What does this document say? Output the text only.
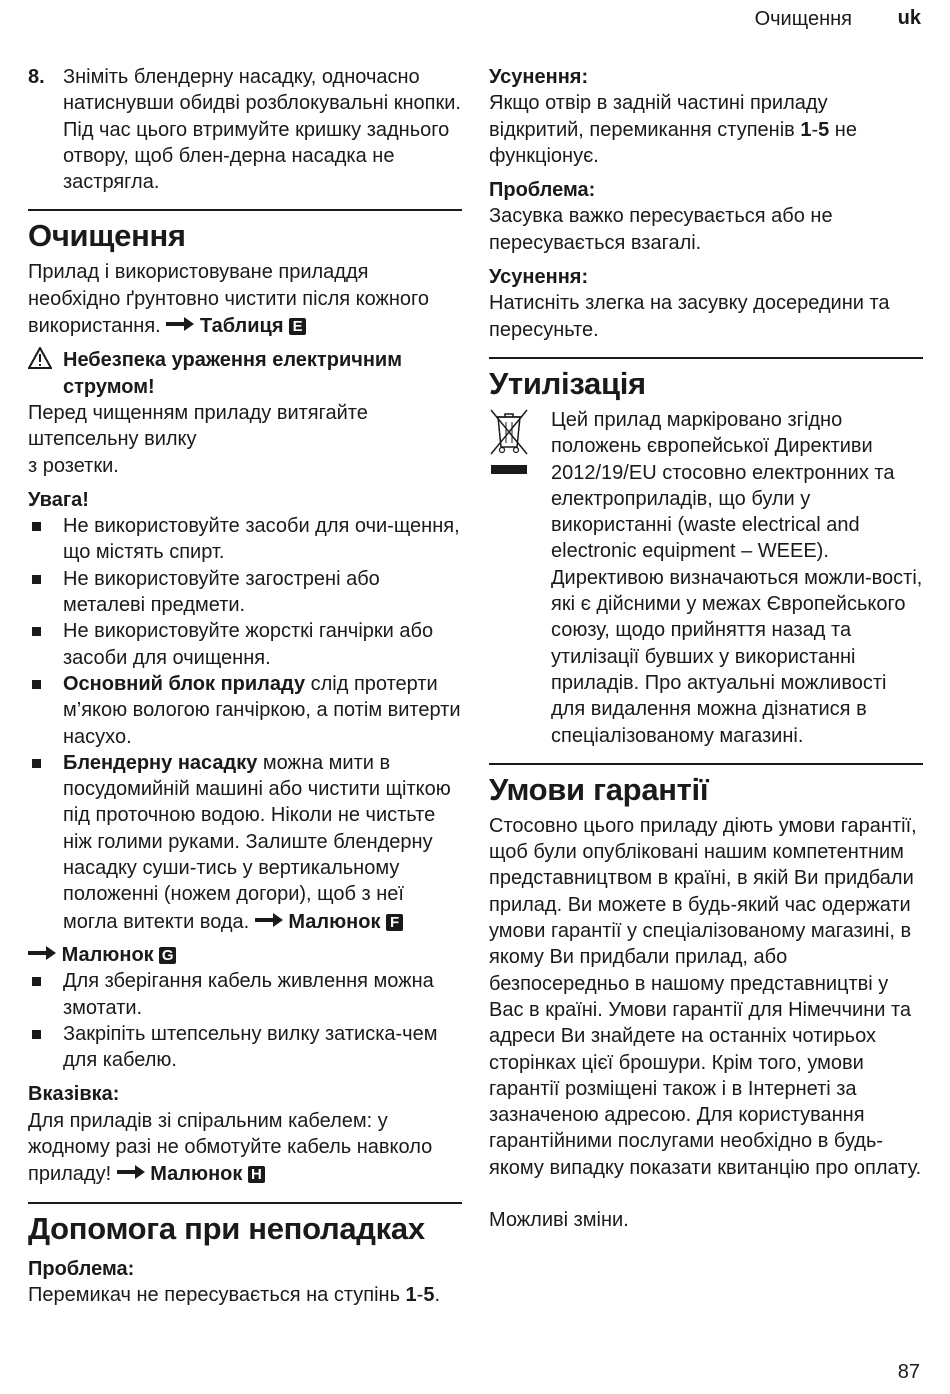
Очищення uk
8. Зніміть блендерну насадку, одночасно натиснувши обидві розблокувальні кнопки. Під час цього втримуйте кришку заднього отвору, щоб блен-дерна насадка не застрягла.

Очищення

Прилад і використовуване приладдя необхідно ґрунтовно чистити після кожного використання. Таблиця E

Небезпека ураження електричним струмом!

Перед чищенням приладу витягайте штепсельну вилку

з розетки.

Увага!

Не використовуйте засоби для очи-щення, що містять спирт.
Не використовуйте загострені або металеві предмети.
Не використовуйте жорсткі ганчірки або засоби для очищення.
Основний блок приладу слід протерти м’якою вологою ганчіркою, а потім витерти насухо.
Блендерну насадку можна мити в посудомийній машині або чистити щіткою під проточною водою. Ніколи не чистьте ніж голими руками. Залиште блендерну насадку суши-тись у вертикальному положенні (ножем догори), щоб з неї могла витекти вода. Малюнок F

Малюнок G

Для зберігання кабель живлення можна змотати.
Закріпіть штепсельну вилку затиска-чем для кабелю.

Вказівка:

Для приладів зі спіральним кабелем: у жодному разі не обмотуйте кабель навколо приладу! Малюнок H

Допомога при неполадках

Проблема:

Перемикач не пересувається на ступінь 1-5.

Усунення:

Якщо отвір в задній частині приладу відкритий, перемикання ступенів 1-5 не функціонує.

Проблема:

Засувка важко пересувається або не пересувається взагалі.

Усунення:

Натисніть злегка на засувку досередини та пересуньте.

Утилізація

Цей прилад маркіровано згідно положень європейської Директиви 2012/19/EU стосовно електронних та електроприладів, що були у використанні (waste electrical and electronic equipment – WEEE). Директивою визначаються можли-вості, які є дійсними у межах Європейського союзу, щодо прийняття назад та утилізації бувших у використанні приладів. Про актуальні можливості для видалення можна дізнатися в спеціалізованому магазині.

Умови гарантії

Стосовно цього приладу діють умови гарантії, щоб були опубліковані нашим компетентним представництвом в країні, в якій Ви придбали прилад. Ви можете в будь-який час одержати умови гарантії у спеціалізованому магазині, в якому Ви придбали прилад, або безпосередньо в нашому представництві у Вас в країні. Умови гарантії для Німеччини та адреси Ви знайдете на останніх чотирьох сторінках цієї брошури. Крім того, умови гарантії розміщені також і в Інтернеті за зазначеною адресою. Для користування гарантійними послугами необхідно в будь-якому випадку показати квитанцію про оплату.

Можливі зміни.

87
